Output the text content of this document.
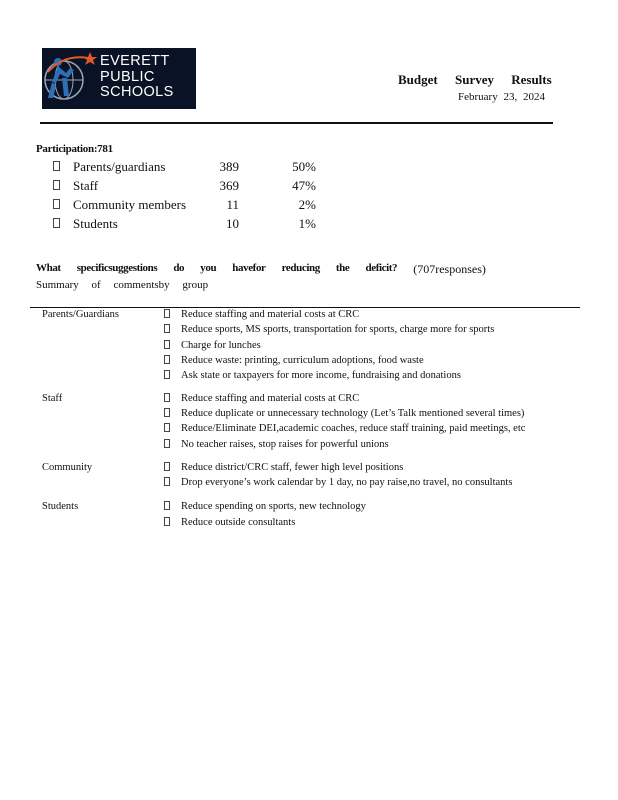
EVERETT
PUBLIC
SCHOOLS
Budget Survey Results
February 23, 2024
Participation:781
Parents/guardians	389	50%
Staff	369	47%
Community members	11	2%
Students	10	1%
What specificsuggestions do you havefor reducing the deficit? (707responses)
Summary of commentsby group
Parents/Guardians	Reduce staffing and material costs at CRC
Reduce sports, MS sports, transportation for sports, charge more for sports
Charge for lunches
Reduce waste: printing, curriculum adoptions, food waste
Ask state or taxpayers for more income, fundraising and donations
Staff	Reduce staffing and material costs at CRC
Reduce duplicate or unnecessary technology (Let’s Talk mentioned several times)
Reduce/Eliminate DEI,academic coaches, reduce staff training, paid meetings, etc
No teacher raises, stop raises for powerful unions
Community	Reduce district/CRC staff, fewer high level positions
Drop everyone’s work calendar by 1 day, no pay raise,no travel, no consultants
Students	Reduce spending on sports, new technology
Reduce outside consultants
